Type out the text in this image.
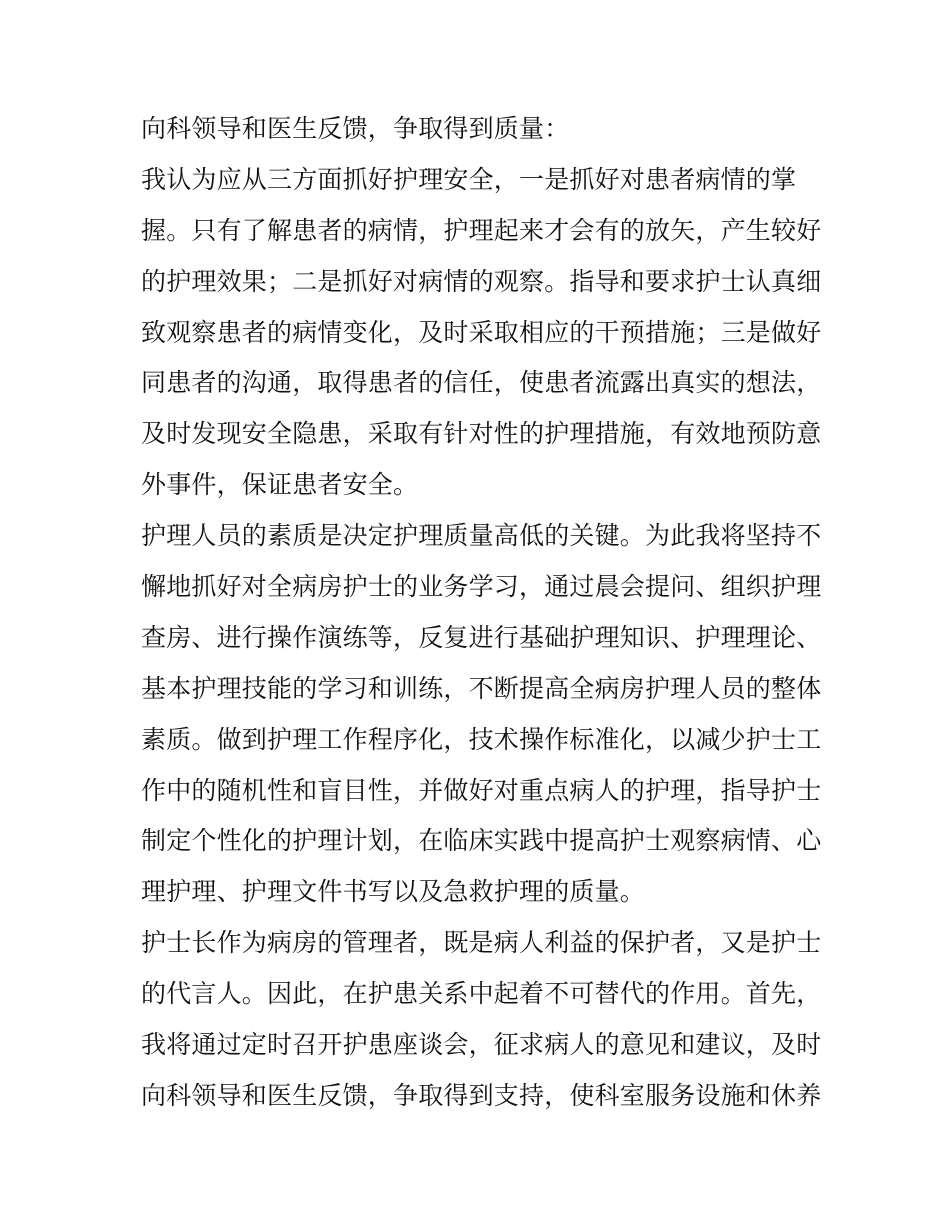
向科领导和医生反馈，争取得到质量：
我认为应从三方面抓好护理安全，一是抓好对患者病情的掌
握。只有了解患者的病情，护理起来才会有的放矢，产生较好
的护理效果；二是抓好对病情的观察。指导和要求护士认真细
致观察患者的病情变化，及时采取相应的干预措施；三是做好
同患者的沟通，取得患者的信任，使患者流露出真实的想法，
及时发现安全隐患，采取有针对性的护理措施，有效地预防意
外事件，保证患者安全。
护理人员的素质是决定护理质量高低的关键。为此我将坚持不
懈地抓好对全病房护士的业务学习，通过晨会提问、组织护理
查房、进行操作演练等，反复进行基础护理知识、护理理论、
基本护理技能的学习和训练，不断提高全病房护理人员的整体
素质。做到护理工作程序化，技术操作标准化，以减少护士工
作中的随机性和盲目性，并做好对重点病人的护理，指导护士
制定个性化的护理计划，在临床实践中提高护士观察病情、心
理护理、护理文件书写以及急救护理的质量。
护士长作为病房的管理者，既是病人利益的保护者，又是护士
的代言人。因此，在护患关系中起着不可替代的作用。首先，
我将通过定时召开护患座谈会，征求病人的意见和建议，及时
向科领导和医生反馈，争取得到支持，使科室服务设施和休养
